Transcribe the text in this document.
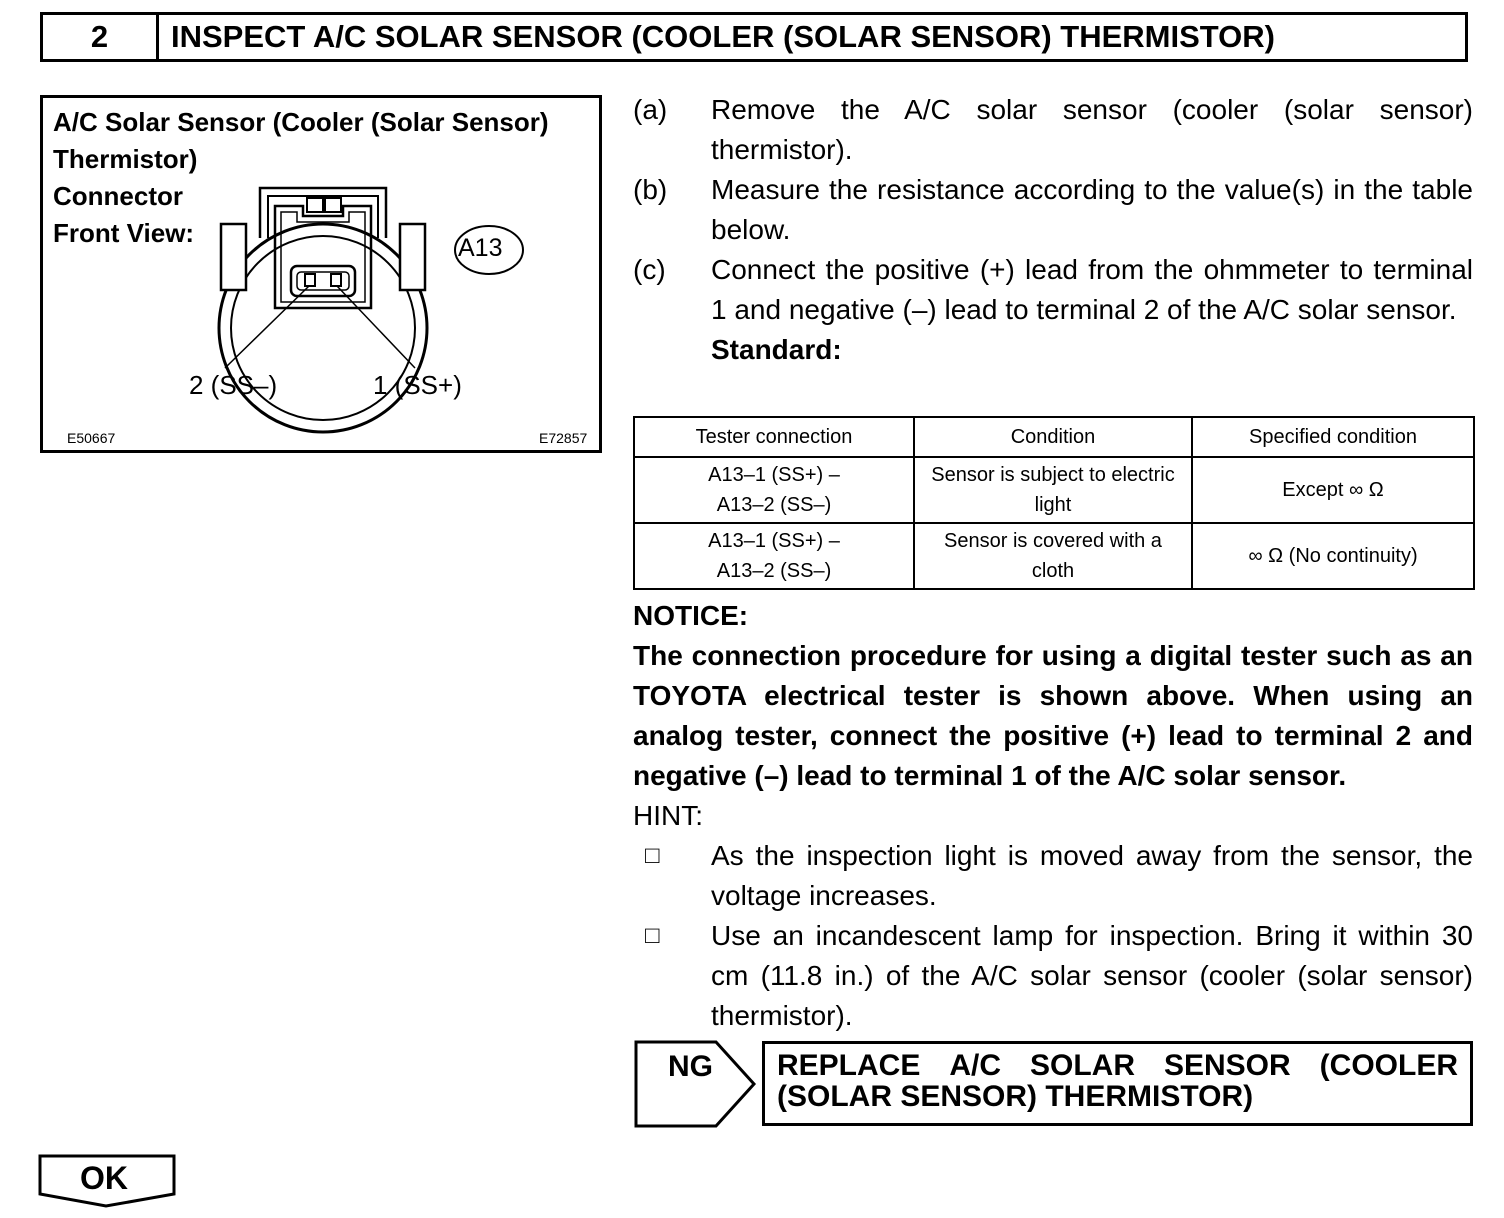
2	INSPECT A/C SOLAR SENSOR (COOLER (SOLAR SENSOR) THERMISTOR)
A/C Solar Sensor (Cooler (Solar Sensor)
Thermistor)
Connector
Front View:	A13
2 (SS–)	1 (SS+)
E50667	E72857
(a)	Remove the A/C solar sensor (cooler (solar sensor) thermistor).
(b)	Measure the resistance according to the value(s) in the table below.
(c)	Connect the positive (+) lead from the ohmmeter to terminal 1 and negative (–) lead to terminal 2 of the A/C solar sensor.
Standard:
Tester connection	Condition	Specified condition

A13–1 (SS+) –
A13–2 (SS–)	Sensor is subject to electric light	Except ∞ Ω

A13–1 (SS+) –
A13–2 (SS–)	Sensor is covered with a cloth	∞ Ω (No continuity)
NOTICE:
The connection procedure for using a digital tester such as an TOYOTA electrical tester is shown above. When using an analog tester, connect the positive (+) lead to terminal 2 and negative (–) lead to terminal 1 of the A/C solar sensor.
HINT:
□	As the inspection light is moved away from the sensor, the voltage increases.
□	Use an incandescent lamp for inspection. Bring it within 30 cm (11.8 in.) of the A/C solar sensor (cooler (solar sensor) thermistor).
NG REPLACE A/C SOLAR SENSOR (COOLER
(SOLAR SENSOR) THERMISTOR)
OK
